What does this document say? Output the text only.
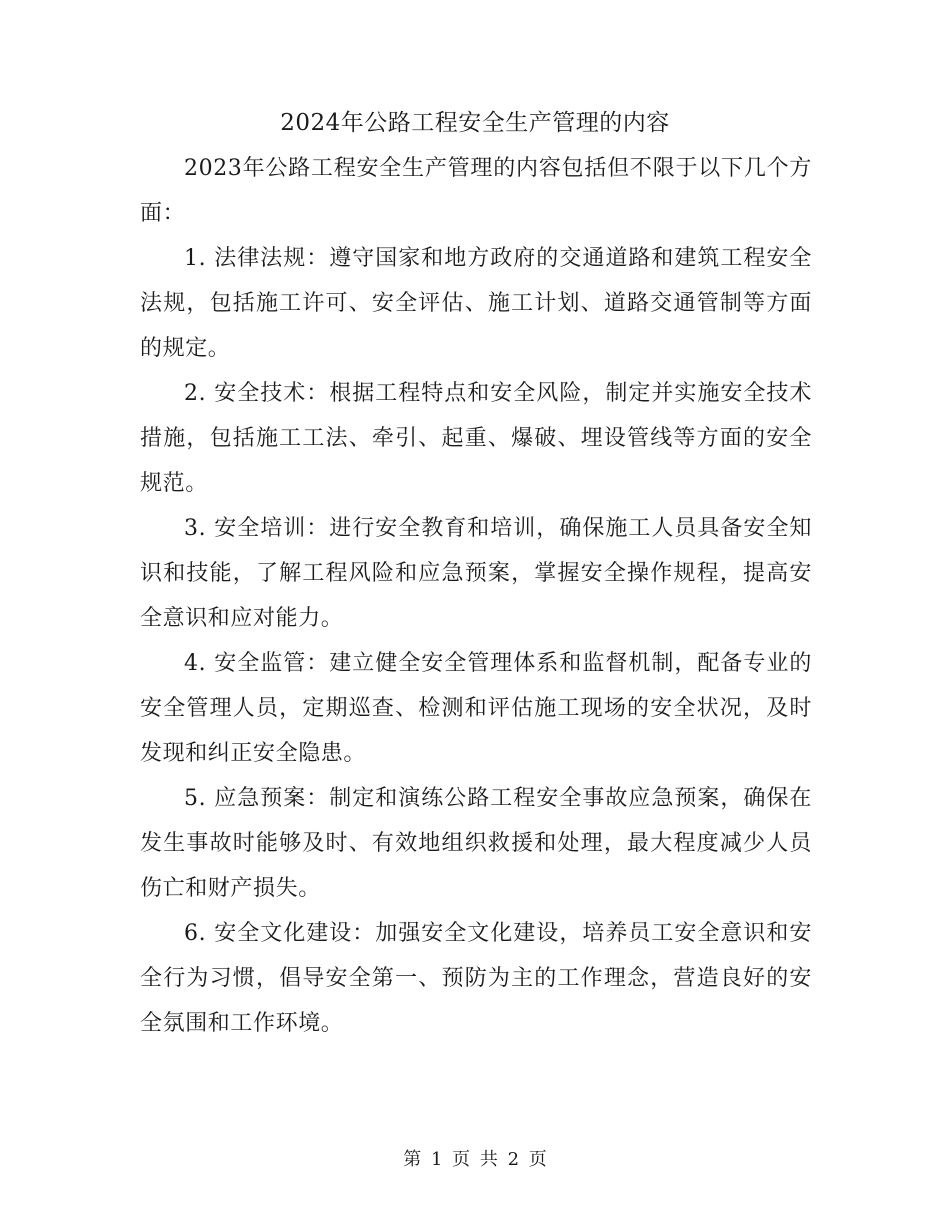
2024年公路工程安全生产管理的内容

2023年公路工程安全生产管理的内容包括但不限于以下几个方面：

1. 法律法规：遵守国家和地方政府的交通道路和建筑工程安全法规，包括施工许可、安全评估、施工计划、道路交通管制等方面的规定。

2. 安全技术：根据工程特点和安全风险，制定并实施安全技术措施，包括施工工法、牵引、起重、爆破、埋设管线等方面的安全规范。

3. 安全培训：进行安全教育和培训，确保施工人员具备安全知识和技能，了解工程风险和应急预案，掌握安全操作规程，提高安全意识和应对能力。

4. 安全监管：建立健全安全管理体系和监督机制，配备专业的安全管理人员，定期巡查、检测和评估施工现场的安全状况，及时发现和纠正安全隐患。

5. 应急预案：制定和演练公路工程安全事故应急预案，确保在发生事故时能够及时、有效地组织救援和处理，最大程度减少人员伤亡和财产损失。

6. 安全文化建设：加强安全文化建设，培养员工安全意识和安全行为习惯，倡导安全第一、预防为主的工作理念，营造良好的安全氛围和工作环境。

第 1 页 共 2 页
